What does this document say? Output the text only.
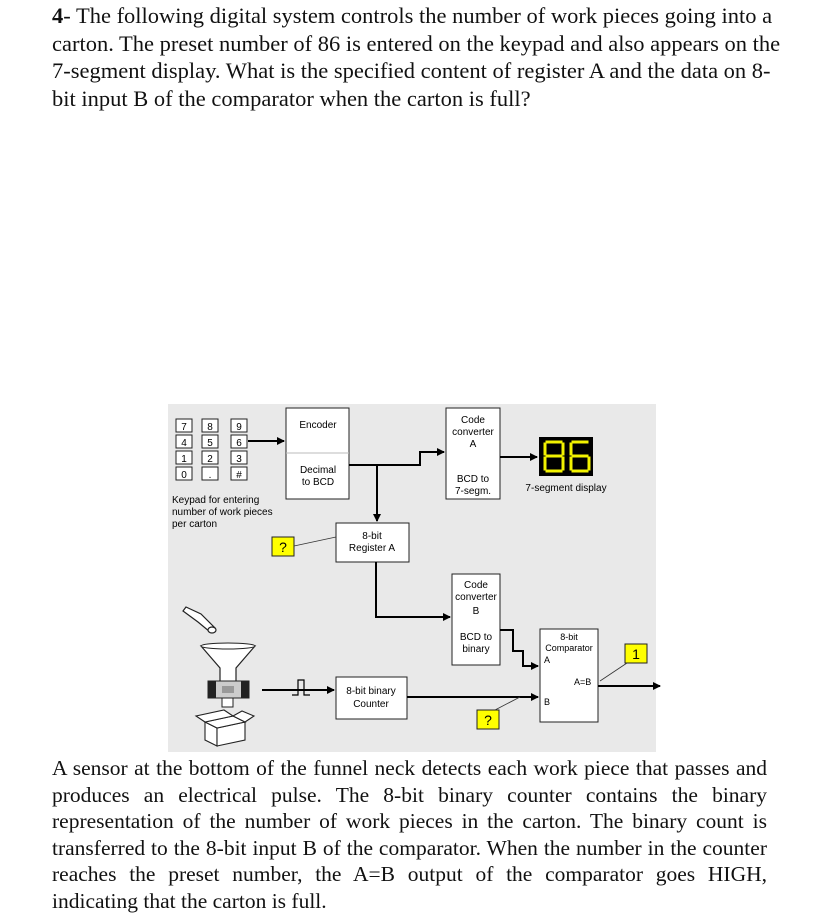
4- The following digital system controls the number of work pieces going into a carton. The preset number of 86 is entered on the keypad and also appears on the 7-segment display. What is the specified content of register A and the data on 8-bit input B of the comparator when the carton is full?
7 8 9
4 5 6
1 2 3
0 . #
Keypad for entering
number of work pieces
per carton
Encoder
Decimal
to BCD
Code
converter
A
BCD to
7-segm.	7-segment display
8-bit
Register A
?
Code
converter
B
BCD to
binary
8-bit
Comparator
A
B
A=B
1
8-bit binary
Counter
?
A sensor at the bottom of the funnel neck detects each work piece that passes and produces an electrical pulse. The 8-bit binary counter contains the binary representation of the number of work pieces in the carton. The binary count is transferred to the 8-bit input B of the comparator. When the number in the counter reaches the preset number, the A=B output of the comparator goes HIGH, indicating that the carton is full.
